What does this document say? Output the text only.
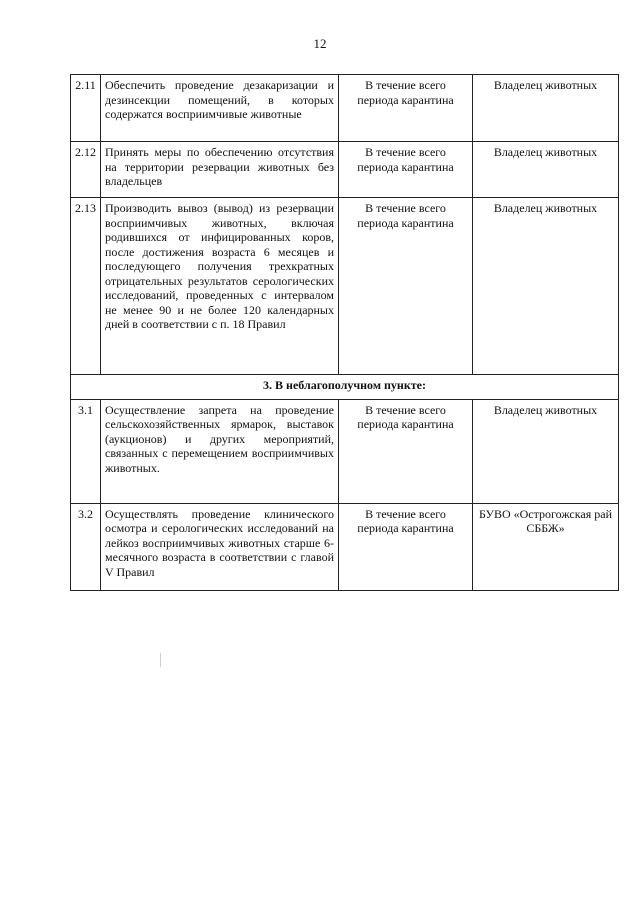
12
2.11	Обеспечить проведение дезакаризации и дезинсекции помещений, в которых содержатся восприимчивые животные	В течение всего периода карантина	Владелец животных
2.12	Принять меры по обеспечению отсутствия на территории резервации животных без владельцев	В течение всего периода карантина	Владелец животных
2.13	Производить вывоз (вывод) из резервации восприимчивых животных, включая родившихся от инфицированных коров, после достижения возраста 6 месяцев и последующего получения трехкратных отрицательных результатов серологических исследований, проведенных с интервалом не менее 90 и не более 120 календарных дней в соответствии с п. 18 Правил	В течение всего периода карантина	Владелец животных
3. В неблагополучном пункте:			
3.1	Осуществление запрета на проведение сельскохозяйственных ярмарок, выставок (аукционов) и других мероприятий, связанных с перемещением восприимчивых животных.	В течение всего периода карантина	Владелец животных
3.2	Осуществлять проведение клинического осмотра и серологических исследований на лейкоз восприимчивых животных старше 6-месячного возраста в соответствии с главой V Правил	В течение всего периода карантина	БУВО «Острогожская рай СББЖ»
